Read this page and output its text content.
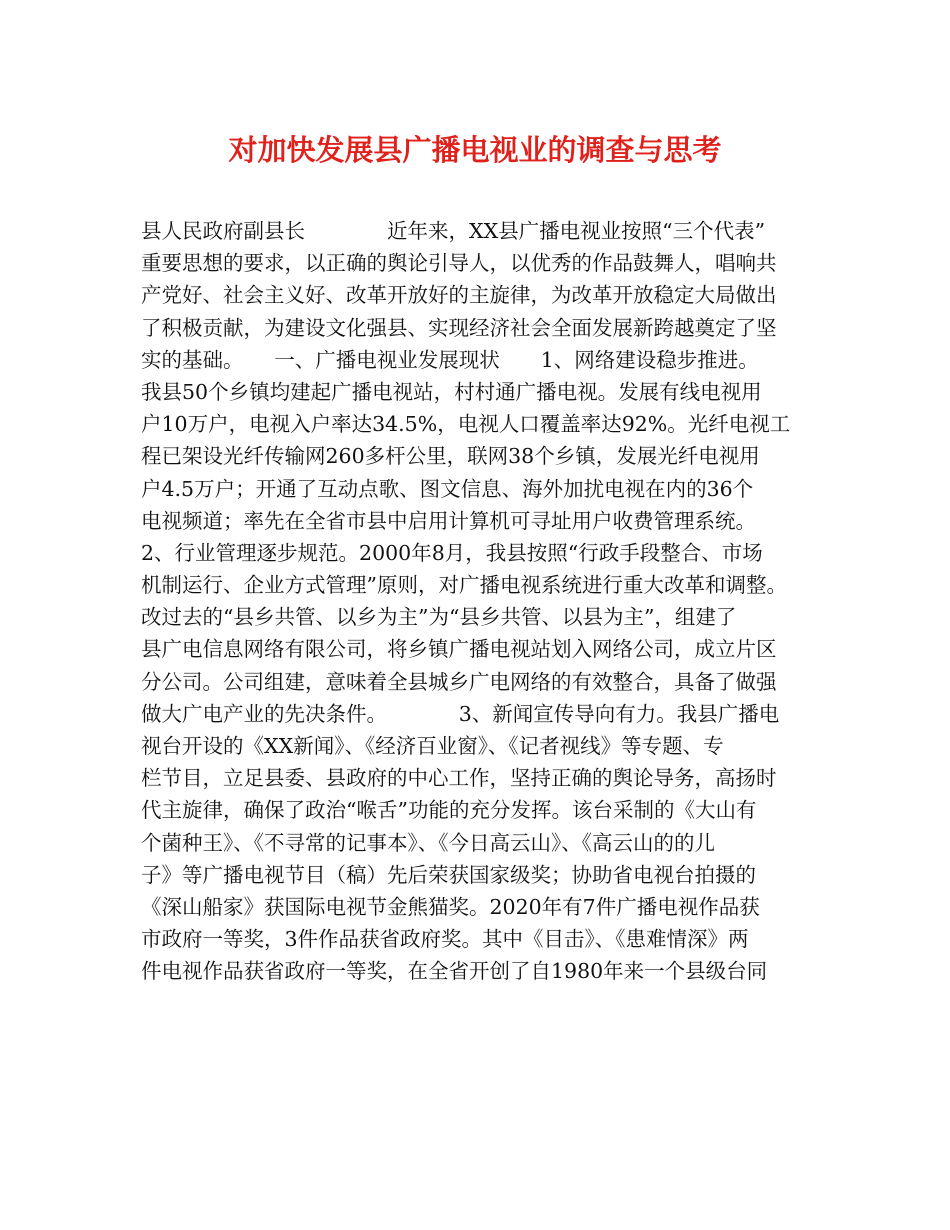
对加快发展县广播电视业的调查与思考
县人民政府副县长　　　　近年来，XX县广播电视业按照“三个代表”
重要思想的要求，以正确的舆论引导人，以优秀的作品鼓舞人，唱响共
产党好、社会主义好、改革开放好的主旋律，为改革开放稳定大局做出
了积极贡献，为建设文化强县、实现经济社会全面发展新跨越奠定了坚
实的基础。　　一、广播电视业发展现状　　1、网络建设稳步推进。
我县50个乡镇均建起广播电视站，村村通广播电视。发展有线电视用
户10万户，电视入户率达34.5%，电视人口覆盖率达92%。光纤电视工
程已架设光纤传输网260多杆公里，联网38个乡镇，发展光纤电视用
户4.5万户；开通了互动点歌、图文信息、海外加扰电视在内的36个
电视频道；率先在全省市县中启用计算机可寻址用户收费管理系统。
2、行业管理逐步规范。2000年8月，我县按照“行政手段整合、市场
机制运行、企业方式管理”原则，对广播电视系统进行重大改革和调整。
改过去的“县乡共管、以乡为主”为“县乡共管、以县为主”，组建了
县广电信息网络有限公司，将乡镇广播电视站划入网络公司，成立片区
分公司。公司组建，意味着全县城乡广电网络的有效整合，具备了做强
做大广电产业的先决条件。　　　　3、新闻宣传导向有力。我县广播电
视台开设的《XX新闻》、《经济百业窗》、《记者视线》等专题、专
栏节目，立足县委、县政府的中心工作，坚持正确的舆论导务，高扬时
代主旋律，确保了政治“喉舌”功能的充分发挥。该台采制的《大山有
个菌种王》、《不寻常的记事本》、《今日高云山》、《高云山的的儿
子》等广播电视节目（稿）先后荣获国家级奖；协助省电视台拍摄的
《深山船家》获国际电视节金熊猫奖。2020年有7件广播电视作品获
市政府一等奖，3件作品获省政府奖。其中《目击》、《患难情深》两
件电视作品获省政府一等奖，在全省开创了自1980年来一个县级台同
